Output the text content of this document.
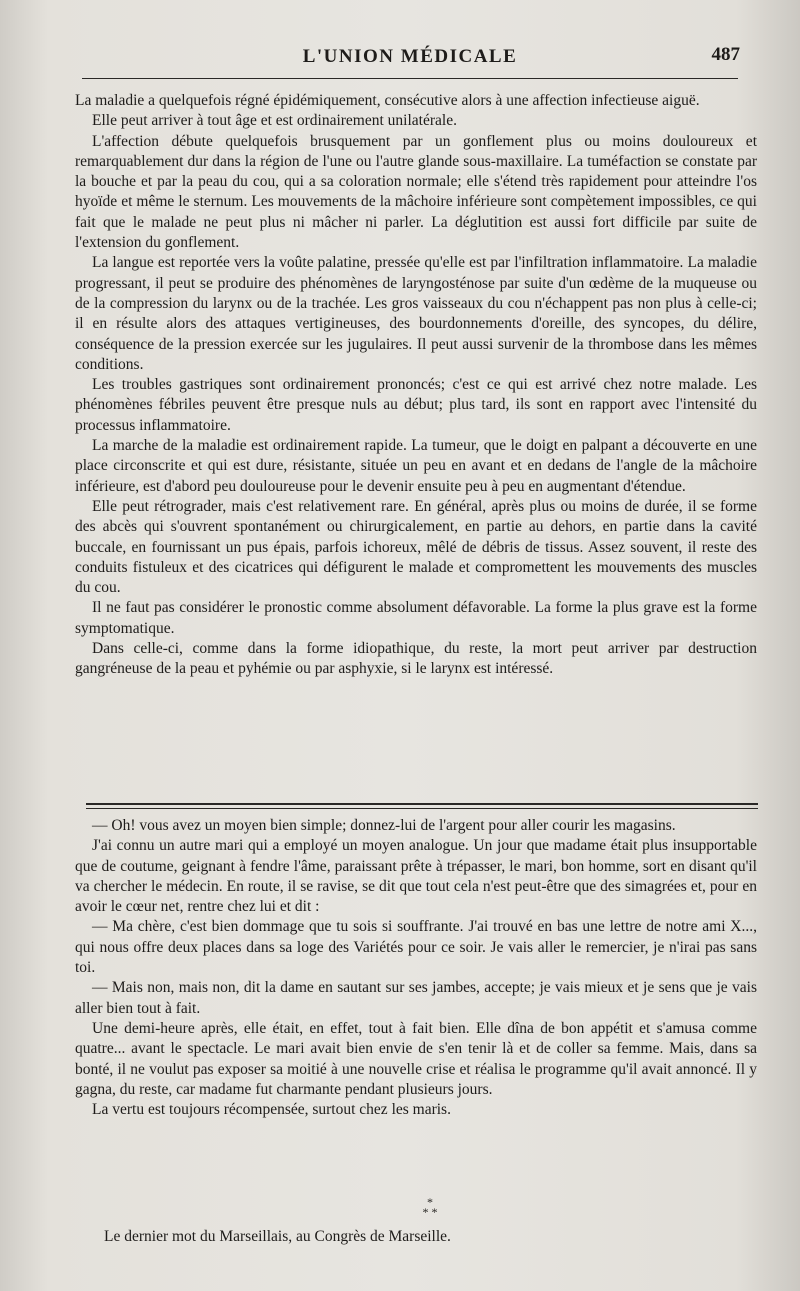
L'UNION MÉDICALE	487

La maladie a quelquefois régné épidémiquement, consécutive alors à une affection infectieuse aiguë.

Elle peut arriver à tout âge et est ordinairement unilatérale.

L'affection débute quelquefois brusquement par un gonflement plus ou moins douloureux et remarquablement dur dans la région de l'une ou l'autre glande sous-maxillaire. La tuméfaction se constate par la bouche et par la peau du cou, qui a sa coloration normale; elle s'étend très rapidement pour atteindre l'os hyoïde et même le sternum. Les mouvements de la mâchoire inférieure sont compètement impossibles, ce qui fait que le malade ne peut plus ni mâcher ni parler. La déglutition est aussi fort difficile par suite de l'extension du gonflement.

La langue est reportée vers la voûte palatine, pressée qu'elle est par l'infiltration inflammatoire. La maladie progressant, il peut se produire des phénomènes de laryngosténose par suite d'un œdème de la muqueuse ou de la compression du larynx ou de la trachée. Les gros vaisseaux du cou n'échappent pas non plus à celle-ci; il en résulte alors des attaques vertigineuses, des bourdonnements d'oreille, des syncopes, du délire, conséquence de la pression exercée sur les jugulaires. Il peut aussi survenir de la thrombose dans les mêmes conditions.

Les troubles gastriques sont ordinairement prononcés; c'est ce qui est arrivé chez notre malade. Les phénomènes fébriles peuvent être presque nuls au début; plus tard, ils sont en rapport avec l'intensité du processus inflammatoire.

La marche de la maladie est ordinairement rapide. La tumeur, que le doigt en palpant a découverte en une place circonscrite et qui est dure, résistante, située un peu en avant et en dedans de l'angle de la mâchoire inférieure, est d'abord peu douloureuse pour le devenir ensuite peu à peu en augmentant d'étendue.

Elle peut rétrograder, mais c'est relativement rare. En général, après plus ou moins de durée, il se forme des abcès qui s'ouvrent spontanément ou chirurgicalement, en partie au dehors, en partie dans la cavité buccale, en fournissant un pus épais, parfois ichoreux, mêlé de débris de tissus. Assez souvent, il reste des conduits fistuleux et des cicatrices qui défigurent le malade et compromettent les mouvements des muscles du cou.

Il ne faut pas considérer le pronostic comme absolument défavorable. La forme la plus grave est la forme symptomatique.

Dans celle-ci, comme dans la forme idiopathique, du reste, la mort peut arriver par destruction gangréneuse de la peau et pyhémie ou par asphyxie, si le larynx est intéressé.

— Oh! vous avez un moyen bien simple; donnez-lui de l'argent pour aller courir les magasins.

J'ai connu un autre mari qui a employé un moyen analogue. Un jour que madame était plus insupportable que de coutume, geignant à fendre l'âme, paraissant prête à trépasser, le mari, bon homme, sort en disant qu'il va chercher le médecin. En route, il se ravise, se dit que tout cela n'est peut-être que des simagrées et, pour en avoir le cœur net, rentre chez lui et dit :

— Ma chère, c'est bien dommage que tu sois si souffrante. J'ai trouvé en bas une lettre de notre ami X..., qui nous offre deux places dans sa loge des Variétés pour ce soir. Je vais aller le remercier, je n'irai pas sans toi.

— Mais non, mais non, dit la dame en sautant sur ses jambes, accepte; je vais mieux et je sens que je vais aller bien tout à fait.

Une demi-heure après, elle était, en effet, tout à fait bien. Elle dîna de bon appétit et s'amusa comme quatre... avant le spectacle. Le mari avait bien envie de s'en tenir là et de coller sa femme. Mais, dans sa bonté, il ne voulut pas exposer sa moitié à une nouvelle crise et réalisa le programme qu'il avait annoncé. Il y gagna, du reste, car madame fut charmante pendant plusieurs jours.

La vertu est toujours récompensée, surtout chez les maris.

*
* *
Le dernier mot du Marseillais, au Congrès de Marseille.
